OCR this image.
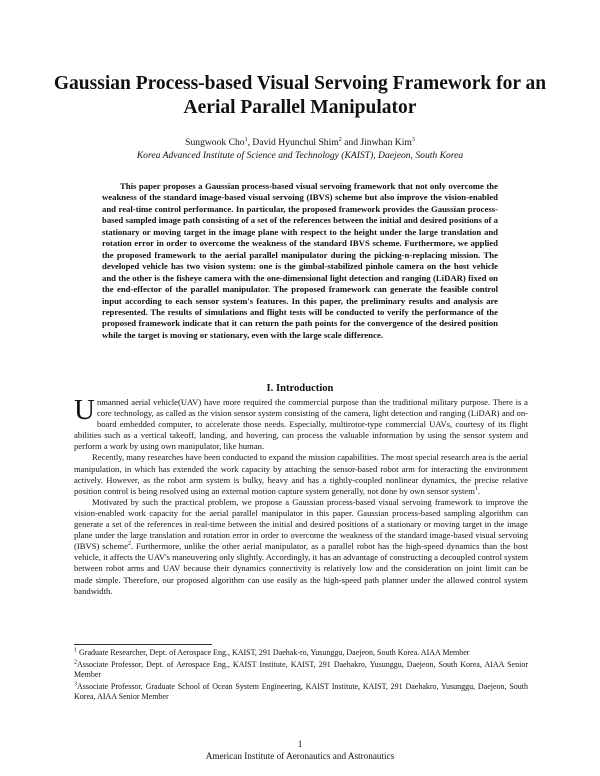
Gaussian Process-based Visual Servoing Framework for an Aerial Parallel Manipulator
Sungwook Cho$^1$, David Hyunchul Shim$^2$ and Jinwhan Kim$^3$
Korea Advanced Institute of Science and Technology (KAIST), Daejeon, South Korea

This paper proposes a Gaussian process-based visual servoing framework that not only overcome the weakness of the standard image-based visual servoing (IBVS) scheme but also improve the vision-enabled and real-time control performance. In particular, the proposed framework provides the Gaussian process-based sampled image path consisting of a set of the references between the initial and desired positions of a stationary or moving target in the image plane with respect to the height under the large translation and rotation error in order to overcome the weakness of the standard IBVS scheme. Furthermore, we applied the proposed framework to the aerial parallel manipulator during the picking-n-replacing mission. The developed vehicle has two vision system: one is the gimbal-stabilized pinhole camera on the host vehicle and the other is the fisheye camera with the one-dimensional light detection and ranging (LiDAR) fixed on the end-effector of the parallel manipulator. The proposed framework can generate the feasible control input according to each sensor system's features. In this paper, the preliminary results and analysis are represented. The results of simulations and flight tests will be conducted to verify the performance of the proposed framework indicate that it can return the path points for the convergence of the desired position while the target is moving or stationary, even with the large scale difference.

I. Introduction

Unmanned aerial vehicle(UAV) have more required the commercial purpose than the traditional military purpose. There is a core technology, as called as the vision sensor system consisting of the camera, light detection and ranging (LiDAR) and on-board embedded computer, to accelerate those needs. Especially, multirotor-type commercial UAVs, courtesy of its flight abilities such as a vertical takeoff, landing, and hovering, can process the valuable information by using the sensor system and perform a work by using own manipulator, like human.

Recently, many researches have been conducted to expand the mission capabilities. The most special research area is the aerial manipulation, in which has extended the work capacity by attaching the sensor-based robot arm for interacting the environment actively. However, as the robot arm system is bulky, heavy and has a tightly-coupled nonlinear dynamics, the precise relative position control is being resolved using an external motion capture system generally, not done by own sensor system$^1$.

Motivated by such the practical problem, we propose a Gaussian process-based visual servoing framework to improve the vision-enabled work capacity for the aerial parallel manipulator in this paper. Gaussian process-based sampling algorithm can generate a set of the references in real-time between the initial and desired positions of a stationary or moving target in the image plane under the large translation and rotation error in order to overcome the weakness of the standard image-based visual servoing (IBVS) scheme$^2$. Furthermore, unlike the other aerial manipulator, as a parallel robot has the high-speed dynamics than the host vehicle, it affects the UAV's maneuvering only slightly. Accordingly, it has an advantage of constructing a decoupled control system between robot arms and UAV because their dynamics connectivity is relatively low and the consideration on joint limit can be made simple. Therefore, our proposed algorithm can use easily as the high-speed path planner under the allowed control system bandwidth.

$^1$ Graduate Researcher, Dept. of Aerospace Eng., KAIST, 291 Daehak-ro, Yusunggu, Daejeon, South Korea. AIAA Member
$^2$Associate Professor, Dept. of Aerospace Eng., KAIST Institute, KAIST, 291 Daehakro, Yusunggu, Daejeon, South Korea, AIAA Senior Member
$^3$Associate Professor, Graduate School of Ocean System Engineering, KAIST Institute, KAIST, 291 Daehakro, Yusunggu, Daejeon, South Korea, AIAA Senior Member
1
American Institute of Aeronautics and Astronautics
